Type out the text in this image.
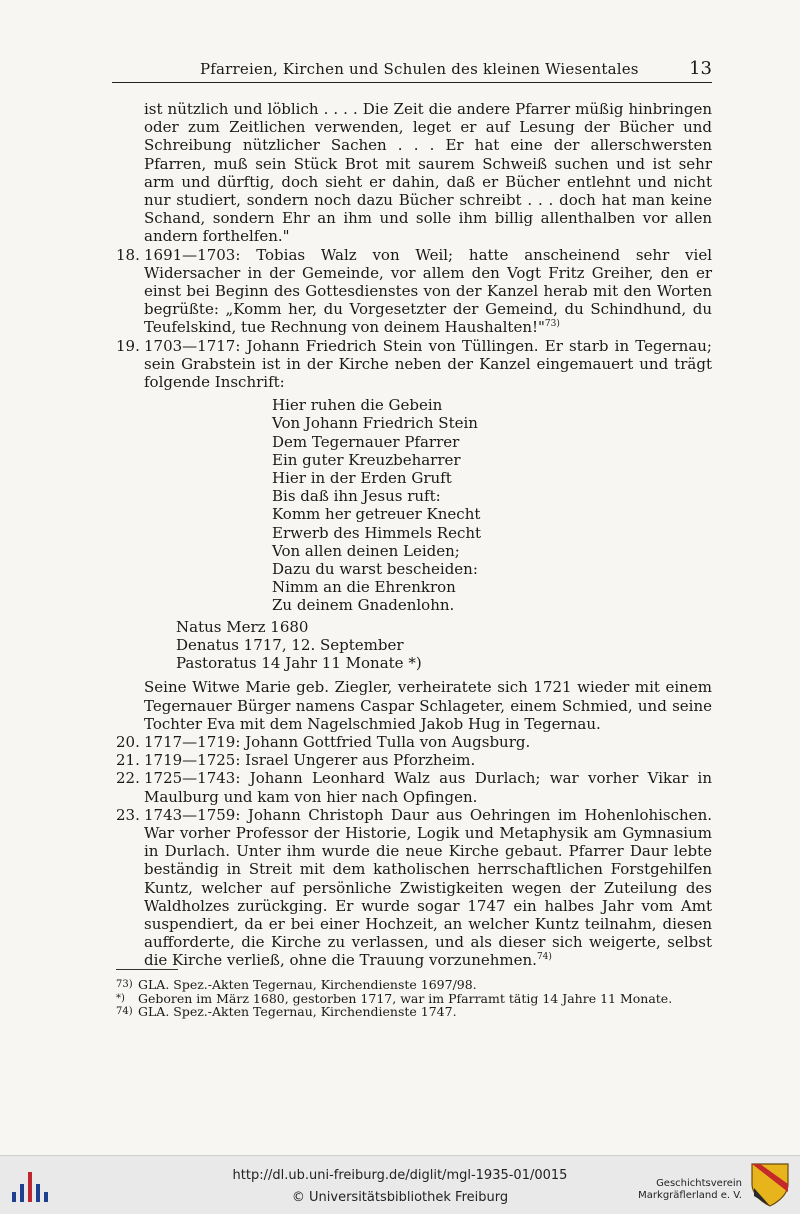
Pfarreien, Kirchen und Schulen des kleinen Wiesentales	13

ist nützlich und löblich . . . . Die Zeit die andere Pfarrer müßig hinbringen oder zum Zeitlichen verwenden, leget er auf Lesung der Bücher und Schreibung nützlicher Sachen . . . Er hat eine der allerschwersten Pfarren, muß sein Stück Brot mit saurem Schweiß suchen und ist sehr arm und dürftig, doch sieht er dahin, daß er Bücher entlehnt und nicht nur studiert, sondern noch dazu Bücher schreibt . . . doch hat man keine Schand, sondern Ehr an ihm und solle ihm billig allenthalben vor allen andern forthelfen."

18. 1691—1703: Tobias Walz von Weil; hatte anscheinend sehr viel Widersacher in der Gemeinde, vor allem den Vogt Fritz Greiher, den er einst bei Beginn des Gottesdienstes von der Kanzel herab mit den Worten begrüßte: „Komm her, du Vorgesetzter der Gemeind, du Schindhund, du Teufelskind, tue Rechnung von deinem Haushalten!"$^{73)}$
19. 1703—1717: Johann Friedrich Stein von Tüllingen. Er starb in Tegernau; sein Grabstein ist in der Kirche neben der Kanzel eingemauert und trägt folgende Inschrift:
Hier ruhen die Gebein
Von Johann Friedrich Stein
Dem Tegernauer Pfarrer
Ein guter Kreuzbeharrer
Hier in der Erden Gruft
Bis daß ihn Jesus ruft:
Komm her getreuer Knecht
Erwerb des Himmels Recht
Von allen deinen Leiden;
Dazu du warst bescheiden:
Nimm an die Ehrenkron
Zu deinem Gnadenlohn.
Natus Merz 1680
Denatus 1717, 12. September
Pastoratus 14 Jahr 11 Monate *)

Seine Witwe Marie geb. Ziegler, verheiratete sich 1721 wieder mit einem Tegernauer Bürger namens Caspar Schlageter, einem Schmied, und seine Tochter Eva mit dem Nagelschmied Jakob Hug in Tegernau.

20. 1717—1719: Johann Gottfried Tulla von Augsburg.
21. 1719—1725: Israel Ungerer aus Pforzheim.
22. 1725—1743: Johann Leonhard Walz aus Durlach; war vorher Vikar in Maulburg und kam von hier nach Opfingen.
23. 1743—1759: Johann Christoph Daur aus Oehringen im Hohenlohischen. War vorher Professor der Historie, Logik und Metaphysik am Gymnasium in Durlach. Unter ihm wurde die neue Kirche gebaut. Pfarrer Daur lebte beständig in Streit mit dem katholischen herrschaftlichen Forstgehilfen Kuntz, welcher auf persönliche Zwistigkeiten wegen der Zuteilung des Waldholzes zurückging. Er wurde sogar 1747 ein halbes Jahr vom Amt suspendiert, da er bei einer Hochzeit, an welcher Kuntz teilnahm, diesen aufforderte, die Kirche zu verlassen, und als dieser sich weigerte, selbst die Kirche verließ, ohne die Trauung vorzunehmen.$^{74)}$
73) GLA. Spez.-Akten Tegernau, Kirchendienste 1697/98.
*) Geboren im März 1680, gestorben 1717, war im Pfarramt tätig 14 Jahre 11 Monate.
74) GLA. Spez.-Akten Tegernau, Kirchendienste 1747.
http://dl.ub.uni-freiburg.de/diglit/mgl-1935-01/0015
© Universitätsbibliothek Freiburg
Geschichtsverein
Markgräflerland e. V.
